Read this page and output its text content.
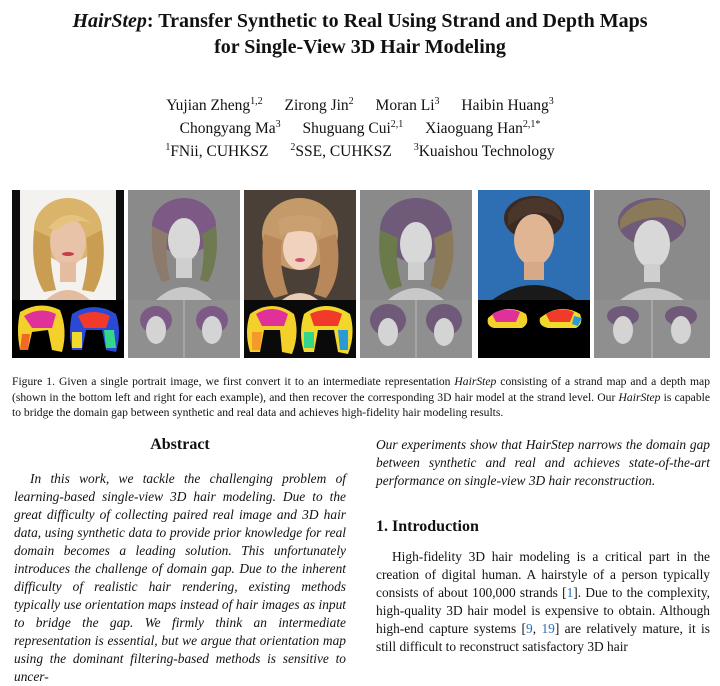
HairStep: Transfer Synthetic to Real Using Strand and Depth Maps
for Single-View 3D Hair Modeling
Yujian Zheng$^{1,2}$ Zirong Jin$^2$ Moran Li$^3$ Haibin Huang$^3$
Chongyang Ma$^3$ Shuguang Cui$^{2,1}$ Xiaoguang Han$^{2,1*}$
$^1$FNii, CUHKSZ $^2$SSE, CUHKSZ $^3$Kuaishou Technology
Figure 1. Given a single portrait image, we first convert it to an intermediate representation HairStep consisting of a strand map and a depth map (shown in the bottom left and right for each example), and then recover the corresponding 3D hair model at the strand level. Our HairStep is capable to bridge the domain gap between synthetic and real data and achieves high-fidelity hair modeling results.
Abstract

In this work, we tackle the challenging problem of learning-based single-view 3D hair modeling. Due to the great difficulty of collecting paired real image and 3D hair data, using synthetic data to provide prior knowledge for real domain becomes a leading solution. This unfortunately introduces the challenge of domain gap. Due to the inherent difficulty of realistic hair rendering, existing methods typically use orientation maps instead of hair images as input to bridge the gap. We firmly think an intermediate representation is essential, but we argue that orientation map using the dominant filtering-based methods is sensitive to uncer-

Our experiments show that HairStep narrows the domain gap between synthetic and real and achieves state-of-the-art performance on single-view 3D hair reconstruction.
1. Introduction

High-fidelity 3D hair modeling is a critical part in the creation of digital human. A hairstyle of a person typically consists of about 100,000 strands [1]. Due to the complexity, high-quality 3D hair model is expensive to obtain. Although high-end capture systems [9, 19] are relatively mature, it is still difficult to reconstruct satisfactory 3D hair
